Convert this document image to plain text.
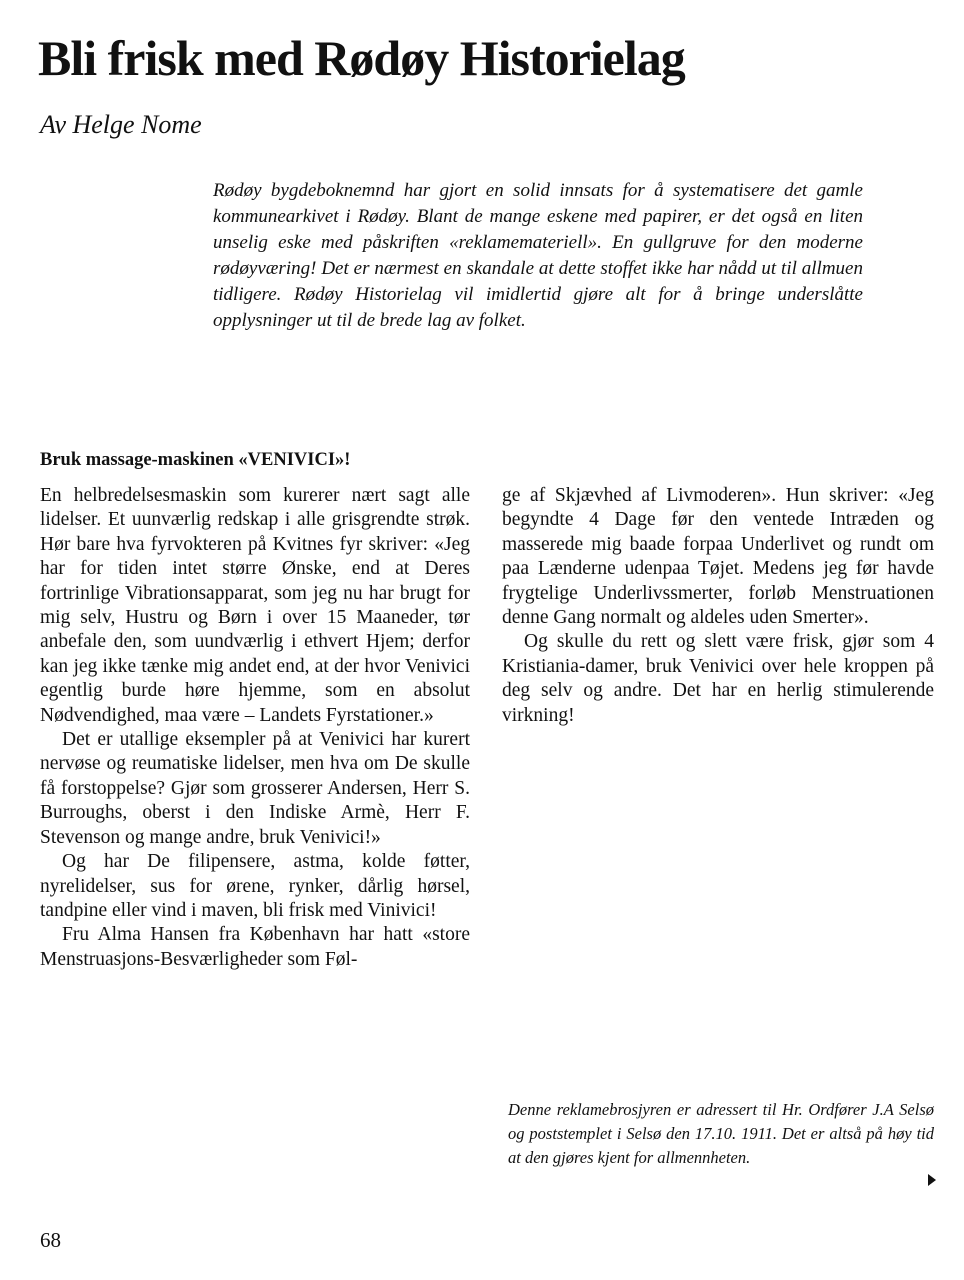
Bli frisk med Rødøy Historielag

Av Helge Nome

Rødøy bygdeboknemnd har gjort en solid innsats for å systematisere det gamle kommunearkivet i Rødøy. Blant de mange eskene med papirer, er det også en liten unselig eske med påskriften «reklamemateriell». En gullgruve for den moderne rødøyværing! Det er nærmest en skandale at dette stoffet ikke har nådd ut til allmuen tidligere. Rødøy Historielag vil imidlertid gjøre alt for å bringe underslåtte opplysninger ut til de brede lag av folket.

Bruk massage-maskinen «VENIVICI»!

En helbredelsesmaskin som kurerer nært sagt alle lidelser. Et uunværlig redskap i alle grisgrendte strøk. Hør bare hva fyrvokteren på Kvitnes fyr skriver: «Jeg har for tiden intet større Ønske, end at Deres fortrinlige Vibrationsapparat, som jeg nu har brugt for mig selv, Hustru og Børn i over 15 Maaneder, tør anbefale den, som uundværlig i ethvert Hjem; derfor kan jeg ikke tænke mig andet end, at der hvor Venivici egentlig burde høre hjemme, som en absolut Nødvendighed, maa være – Landets Fyrstationer.»

Det er utallige eksempler på at Venivici har kurert nervøse og reumatiske lidelser, men hva om De skulle få forstoppelse? Gjør som grosserer Andersen, Herr S. Burroughs, oberst i den Indiske Armè, Herr F. Stevenson og mange andre, bruk Venivici!»

Og har De filipensere, astma, kolde føtter, nyrelidelser, sus for ørene, rynker, dårlig hørsel, tandpine eller vind i maven, bli frisk med Vinivici!

Fru Alma Hansen fra København har hatt «store Menstruasjons-Besværligheder som Føl-

ge af Skjævhed af Livmoderen». Hun skriver: «Jeg begyndte 4 Dage før den ventede Intræden og masserede mig baade forpaa Underlivet og rundt om paa Lænderne udenpaa Tøjet. Medens jeg før havde frygtelige Underlivssmerter, forløb Menstruationen denne Gang normalt og aldeles uden Smerter».

Og skulle du rett og slett være frisk, gjør som 4 Kristiania-damer, bruk Venivici over hele kroppen på deg selv og andre. Det har en herlig stimulerende virkning!

Denne reklamebrosjyren er adressert til Hr. Ordfører J.A Selsø og poststemplet i Selsø den 17.10. 1911. Det er altså på høy tid at den gjøres kjent for allmennheten.

68
